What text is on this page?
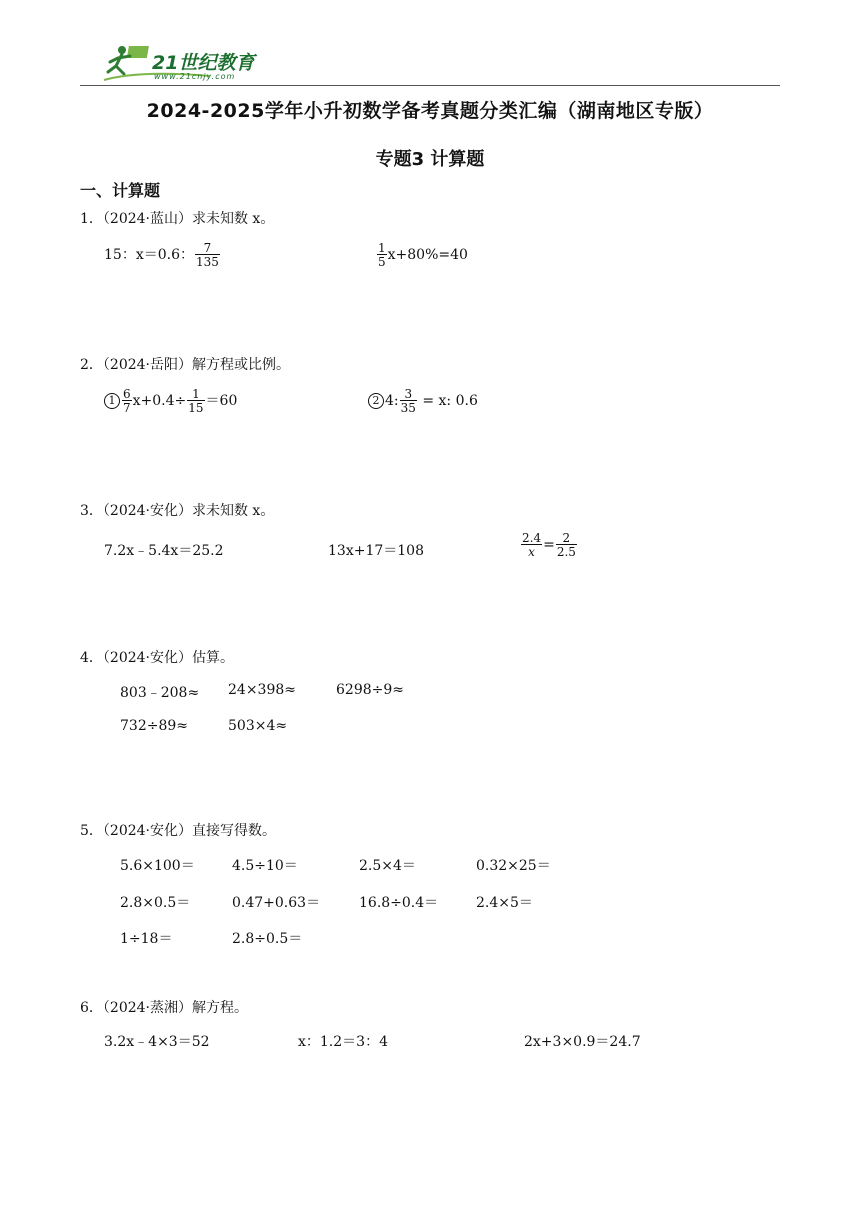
21世纪教育
www.21cnjy.com
2024-2025学年小升初数学备考真题分类汇编（湖南地区专版）
专题3 计算题
一、计算题
1．（2024·蓝山）求未知数 x。
15：x＝0.6： $\frac{7}{135}$	$\frac{1}{5} x+80\%=40$
2．（2024·岳阳）解方程或比例。
$1 \frac{6}{7} x+0.4\div \frac{1}{15} =60$	2 4: $\frac{3}{35} = x$: 0.6
3．（2024·安化）求未知数 x。
7.2x﹣5.4x＝25.2	13x+17＝108	$\frac{2.4}{x} = \frac{2}{2.5}$
4．（2024·安化）估算。
803﹣208≈ 24×398≈	6298÷9≈
732÷89≈	503×4≈
5．（2024·安化）直接写得数。
5.6×100＝	4.5÷10＝	2.5×4＝	0.32×25＝
2.8×0.5＝	0.47+0.63＝	16.8÷0.4＝	2.4×5＝
1÷18＝	2.8÷0.5＝
6．（2024·蒸湘）解方程。
3.2x﹣4×3＝52	x：1.2＝3：4	2x+3×0.9＝24.7
